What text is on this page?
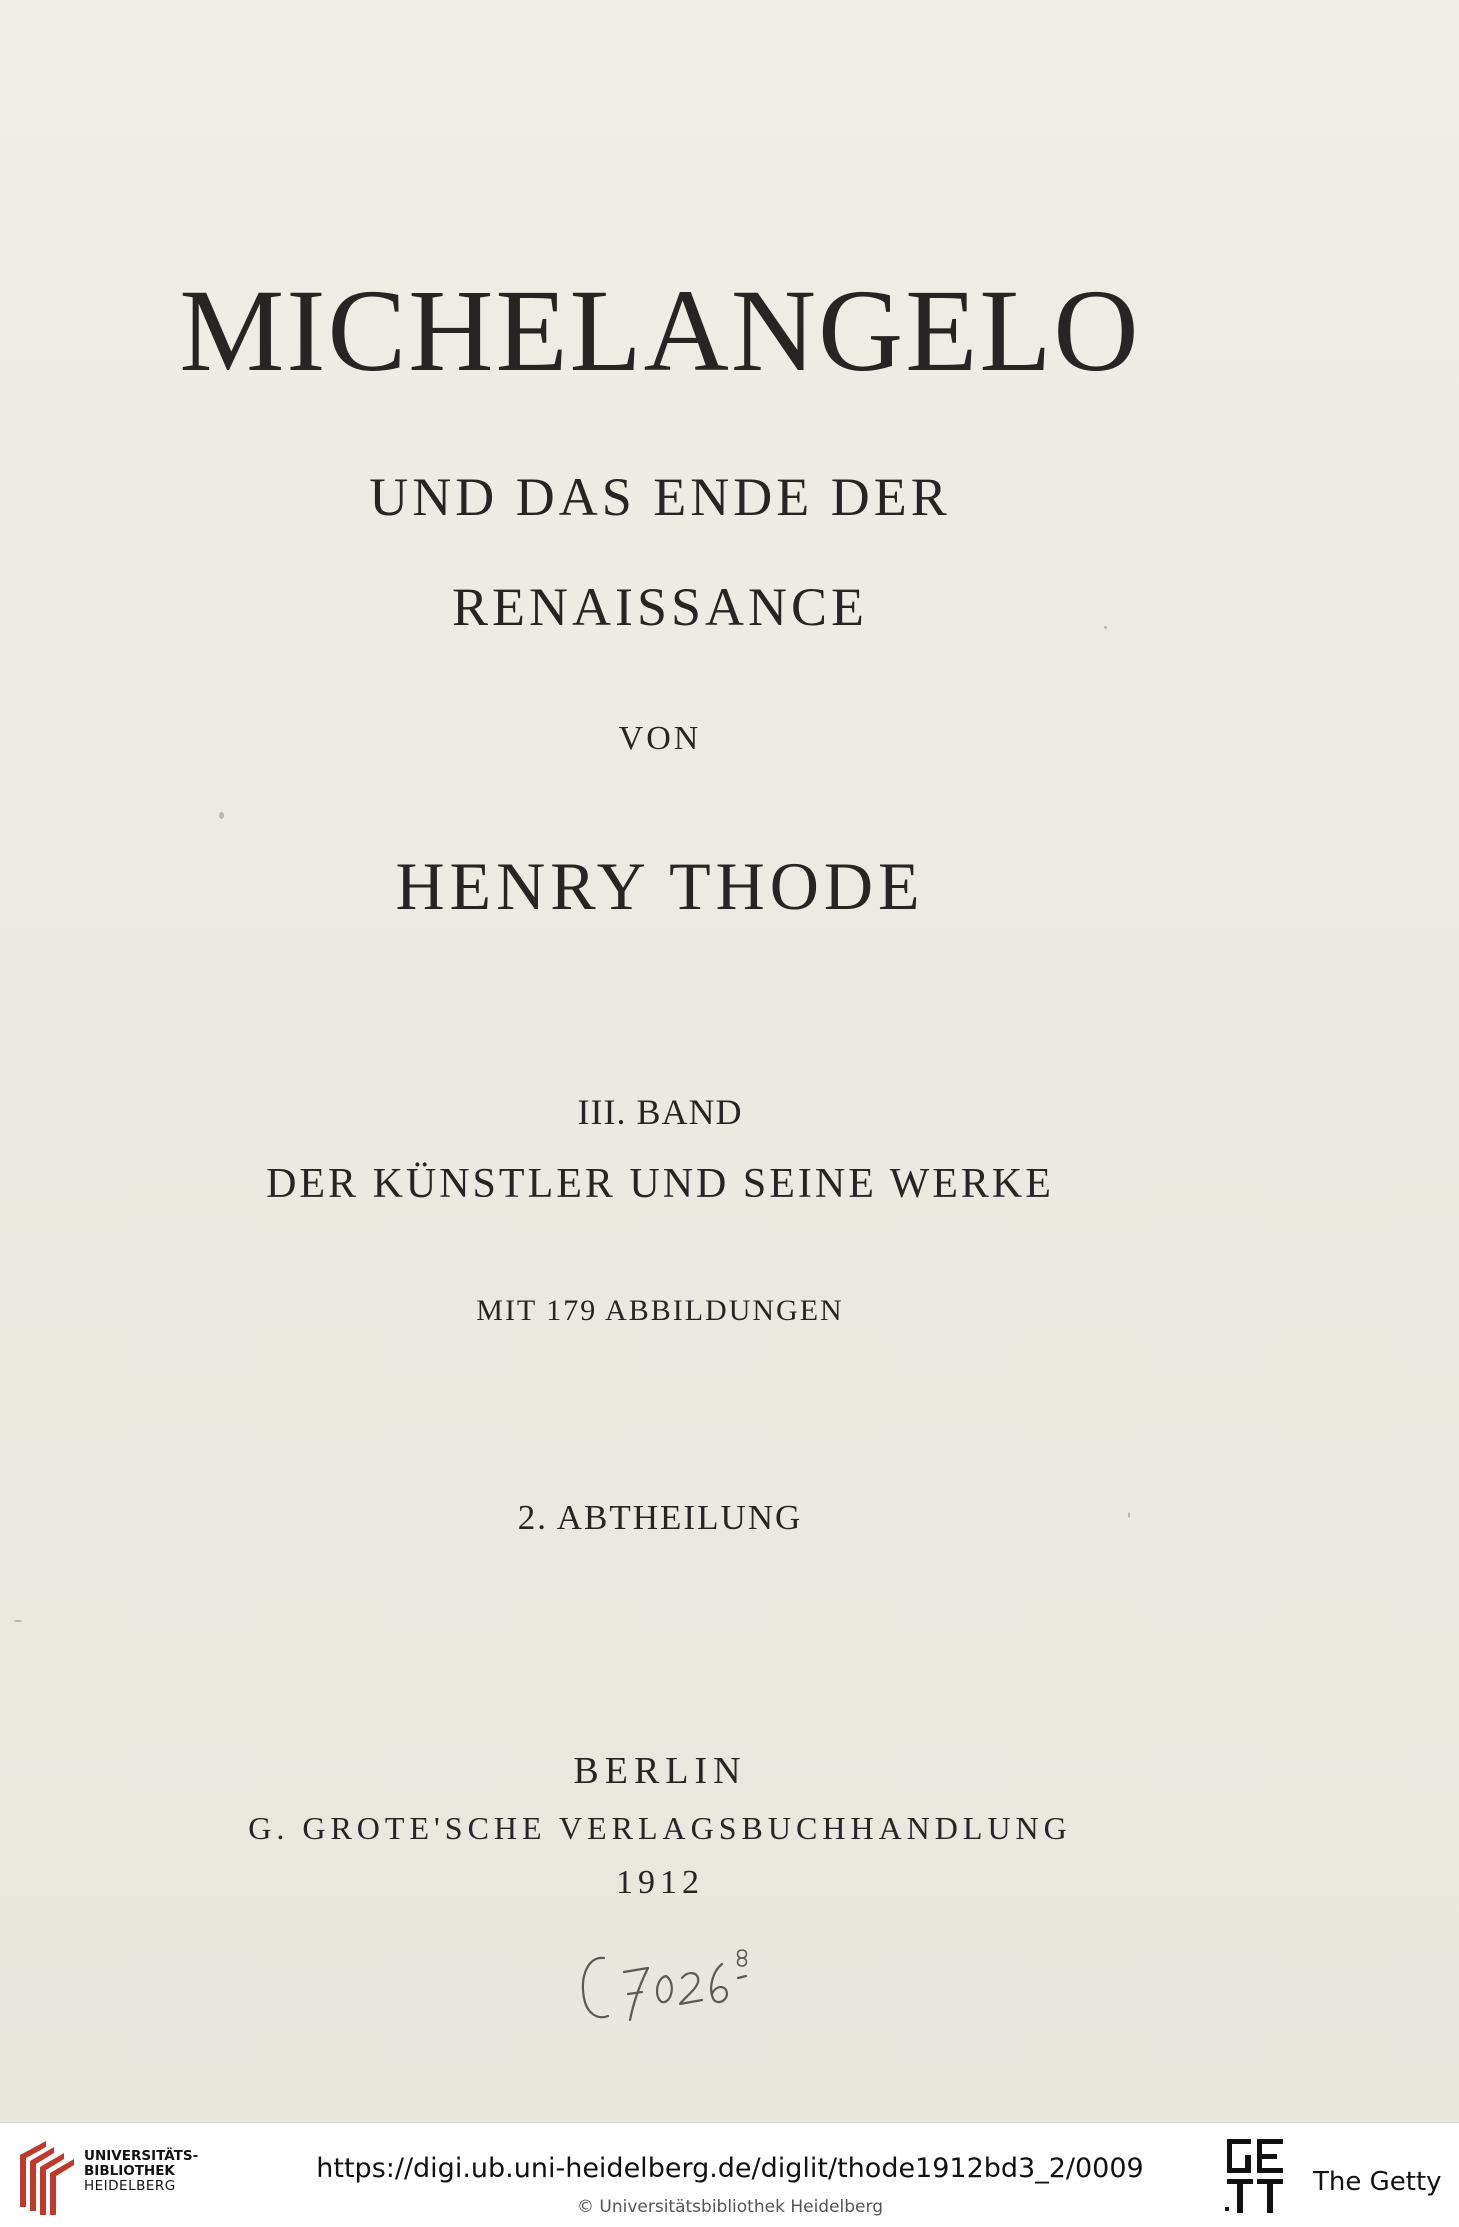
MICHELANGELO
UND DAS ENDE DER
RENAISSANCE
VON
HENRY THODE
III. BAND
DER KÜNSTLER UND SEINE WERKE
MIT 179 ABBILDUNGEN
2. ABTHEILUNG
BERLIN
G. GROTE'SCHE VERLAGSBUCHHANDLUNG
1912
UNIVERSITÄTS-
BIBLIOTHEK
HEIDELBERG
https://digi.ub.uni-heidelberg.de/diglit/thode1912bd3_2/0009
© Universitätsbibliothek Heidelberg
The Getty
